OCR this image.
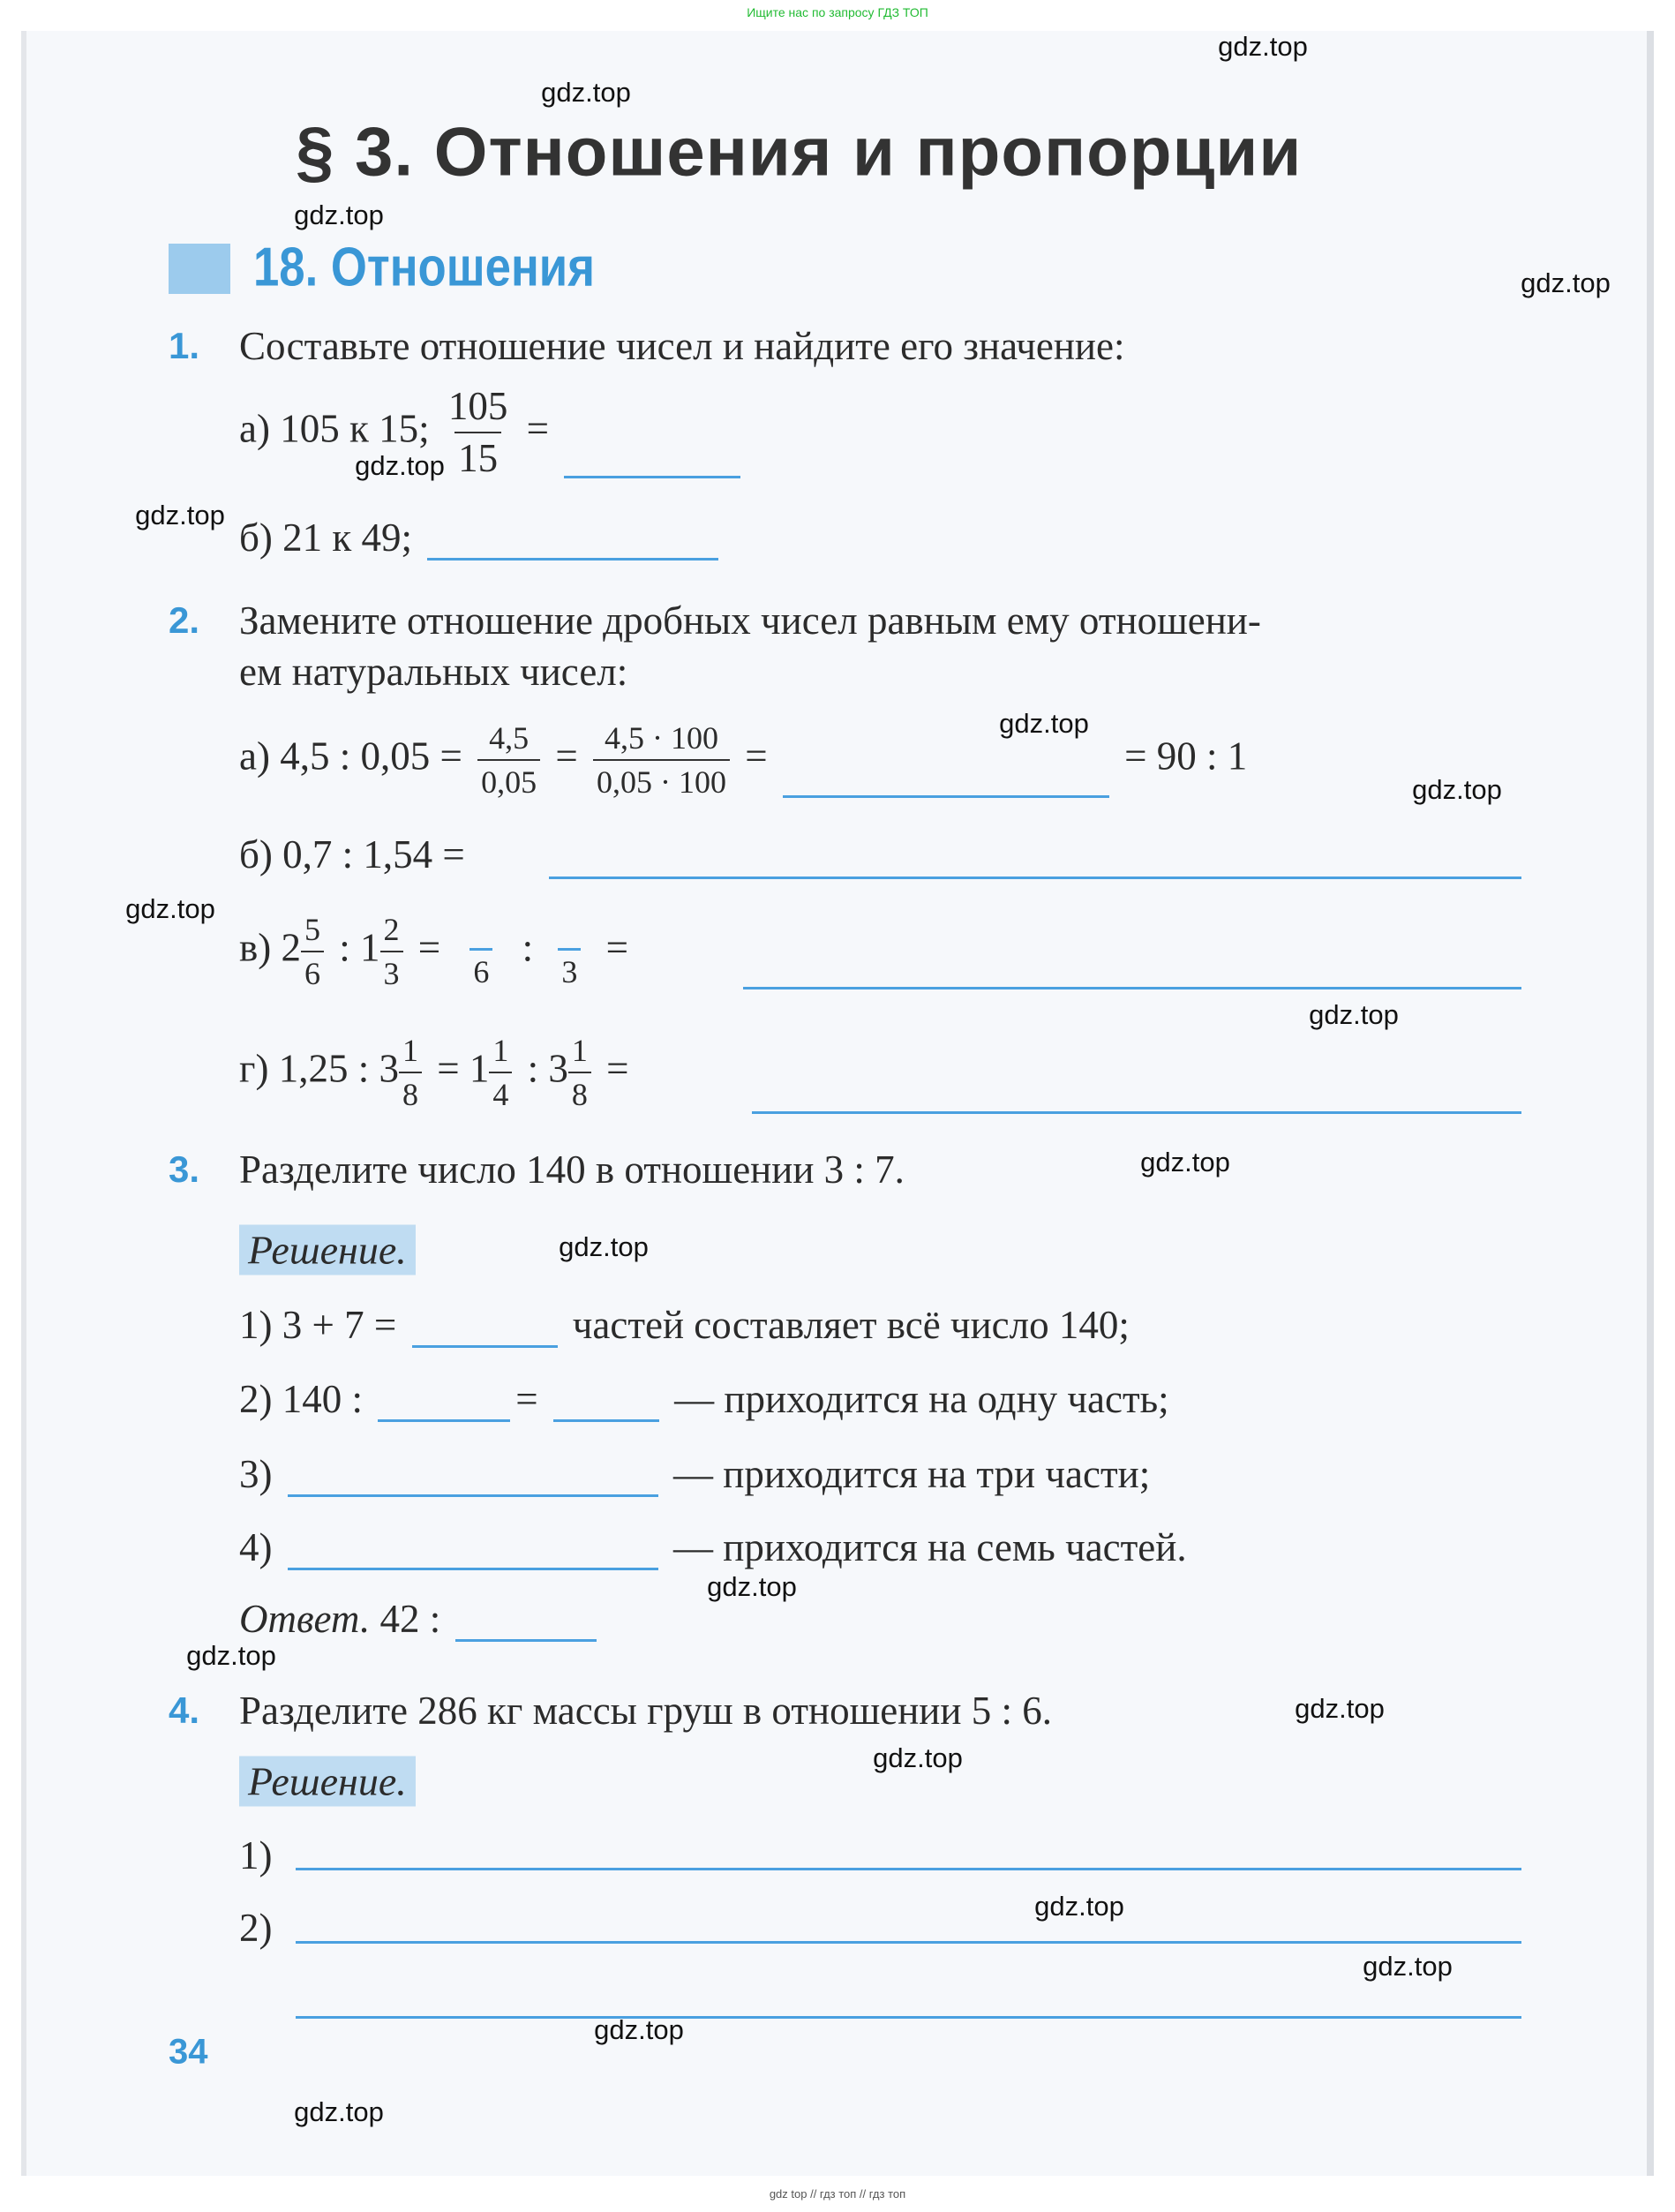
Ищите нас по запросу ГДЗ ТОП
§ 3. Отношения и пропорции
18. Отношения
1. Составьте отношение чисел и найдите его значение:
а) 105 к 15; $\frac{105}{15}$ =
б) 21 к 49;
2. Замените отношение дробных чисел равным ему отношени-
ем натуральных чисел:
а) 4,5 : $0,05 = \frac{4,5}{0,05} = \frac{4,5 \cdot 100}{0,05 \cdot 100}$ =	= 90 : 1
б) 0,7 : 1,54 =
в) $2 \frac{5}{6}$ : $1 \frac{2}{3}$ =
6
:
3
=
г) 1,25 : $3 \frac{1}{8} = 1 \frac{1}{4}$ : $3 \frac{1}{8}$ =
3. Разделите число 140 в отношении 3 : 7.
Решение.
1) 3 + 7 =	частей составляет всё число 140;
2) 140 :	=	— приходится на одну часть;
3)	— приходится на три части;
4)	— приходится на семь частей.
Ответ. 42 :
4. Разделите 286 кг массы груш в отношении 5 : 6.
Решение.
1)
2)
34
gdz.top
gdz.top
gdz.top
gdz.top
gdz.top
gdz.top
gdz.top
gdz.top
gdz.top
gdz.top
gdz.top
gdz.top
gdz.top
gdz.top
gdz.top
gdz.top
gdz.top
gdz.top
gdz.top
gdz.top
gdz top // гдз топ // гдз топ
